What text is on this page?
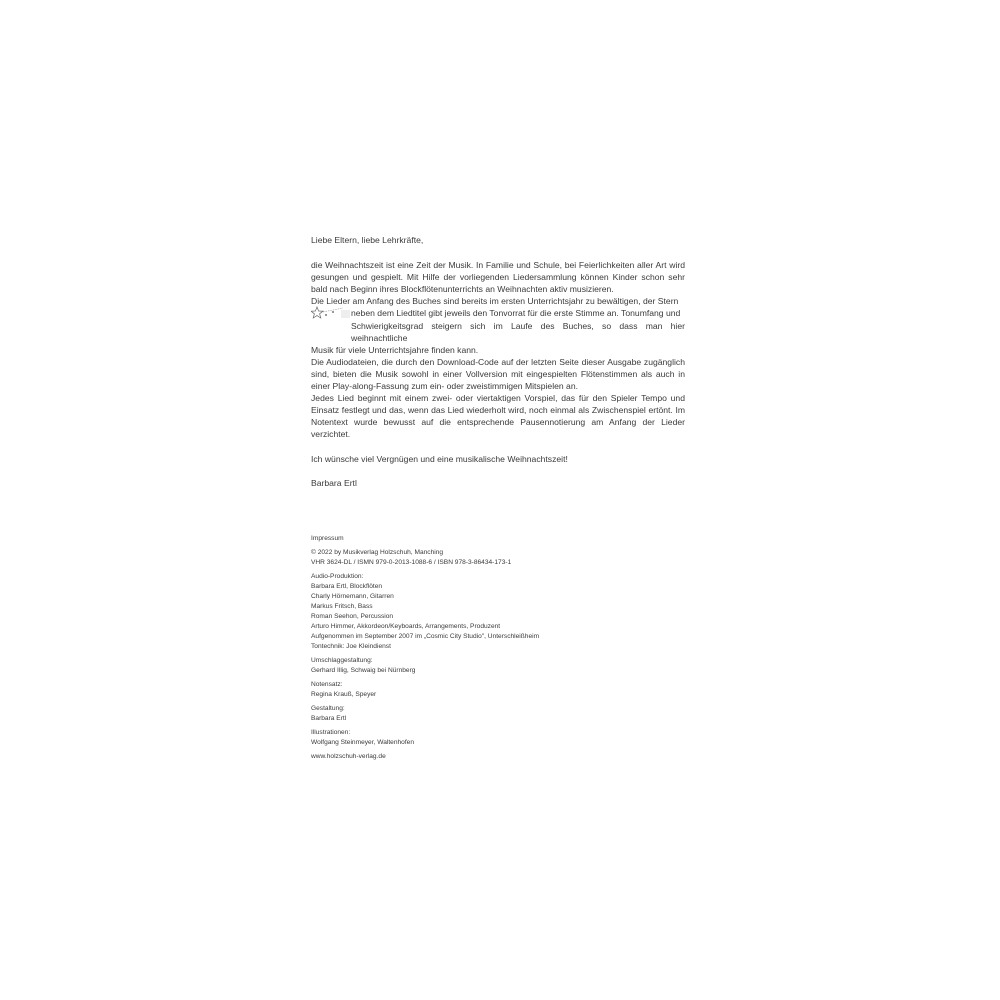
Liebe Eltern, liebe Lehrkräfte,

die Weihnachtszeit ist eine Zeit der Musik. In Familie und Schule, bei Feierlichkeiten aller Art wird gesungen und gespielt. Mit Hilfe der vorliegenden Liedersammlung können Kinder schon sehr bald nach Beginn ihres Blockflötenunterrichts an Weihnachten aktiv musizieren.

Die Lieder am Anfang des Buches sind bereits im ersten Unterrichtsjahr zu bewältigen, der Stern

neben dem Liedtitel gibt jeweils den Tonvorrat für die erste Stimme an. Tonumfang und

Schwierigkeitsgrad steigern sich im Laufe des Buches, so dass man hier weihnachtliche

Musik für viele Unterrichtsjahre finden kann.

Die Audiodateien, die durch den Download-Code auf der letzten Seite dieser Ausgabe zugänglich sind, bieten die Musik sowohl in einer Vollversion mit eingespielten Flötenstimmen als auch in einer Play-along-Fassung zum ein- oder zweistimmigen Mitspielen an.

Jedes Lied beginnt mit einem zwei- oder viertaktigen Vorspiel, das für den Spieler Tempo und Einsatz festlegt und das, wenn das Lied wiederholt wird, noch einmal als Zwischenspiel ertönt. Im Notentext wurde bewusst auf die entsprechende Pausennotierung am Anfang der Lieder verzichtet.

Ich wünsche viel Vergnügen und eine musikalische Weihnachtszeit!

Barbara Ertl

Impressum
© 2022 by Musikverlag Holzschuh, Manching
VHR 3624-DL / ISMN 979-0-2013-1088-6 / ISBN 978-3-86434-173-1
Audio-Produktion:
Barbara Ertl, Blockflöten
Charly Hörnemann, Gitarren
Markus Fritsch, Bass
Roman Seehon, Percussion
Arturo Himmer, Akkordeon/Keyboards, Arrangements, Produzent
Aufgenommen im September 2007 im „Cosmic City Studio", Unterschleißheim
Tontechnik: Joe Kleindienst
Umschlaggestaltung:
Gerhard Illig, Schwaig bei Nürnberg
Notensatz:
Regina Krauß, Speyer
Gestaltung:
Barbara Ertl
Illustrationen:
Wolfgang Steinmeyer, Waltenhofen
www.holzschuh-verlag.de
